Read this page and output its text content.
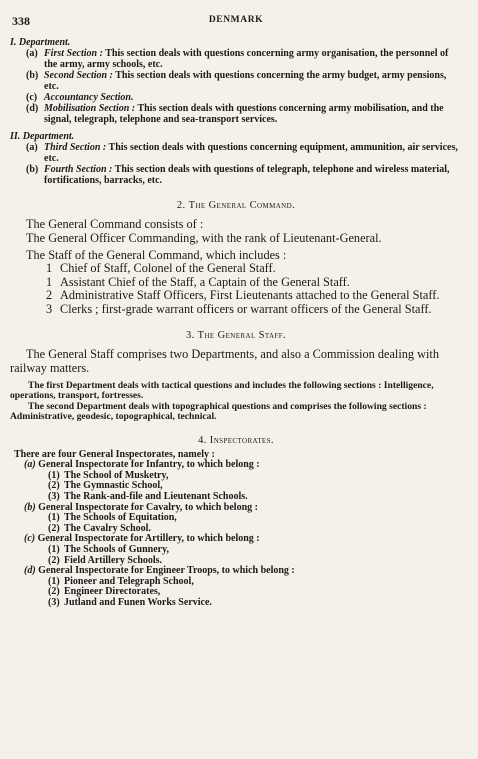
338	DENMARK
I. Department.
(a) First Section : This section deals with questions concerning army organisation, the personnel of the army, army schools, etc.
(b) Second Section : This section deals with questions concerning the army budget, army pensions, etc.
(c) Accountancy Section.
(d) Mobilisation Section : This section deals with questions concerning army mobilisation, and the signal, telegraph, telephone and sea-transport services.
II. Department.
(a) Third Section : This section deals with questions concerning equipment, ammunition, air services, etc.
(b) Fourth Section : This section deals with questions of telegraph, telephone and wireless material, fortifications, barracks, etc.
2. The General Command.

The General Command consists of :

The General Officer Commanding, with the rank of Lieutenant-General.

The Staff of the General Command, which includes :

1 Chief of Staff, Colonel of the General Staff.
1 Assistant Chief of the Staff, a Captain of the General Staff.
2 Administrative Staff Officers, First Lieutenants attached to the General Staff.
3 Clerks ; first-grade warrant officers or warrant officers of the General Staff.
3. The General Staff.

The General Staff comprises two Departments, and also a Commission dealing with railway matters.

The first Department deals with tactical questions and includes the following sections : Intelligence, operations, transport, fortresses.

The second Department deals with topographical questions and comprises the following sections : Administrative, geodesic, topographical, technical.

4. Inspectorates.
There are four General Inspectorates, namely :
(a) General Inspectorate for Infantry, to which belong :
(1) The School of Musketry,
(2) The Gymnastic School,
(3) The Rank-and-file and Lieutenant Schools.
(b) General Inspectorate for Cavalry, to which belong :
(1) The Schools of Equitation,
(2) The Cavalry School.
(c) General Inspectorate for Artillery, to which belong :
(1) The Schools of Gunnery,
(2) Field Artillery Schools.
(d) General Inspectorate for Engineer Troops, to which belong :
(1) Pioneer and Telegraph School,
(2) Engineer Directorates,
(3) Jutland and Funen Works Service.
